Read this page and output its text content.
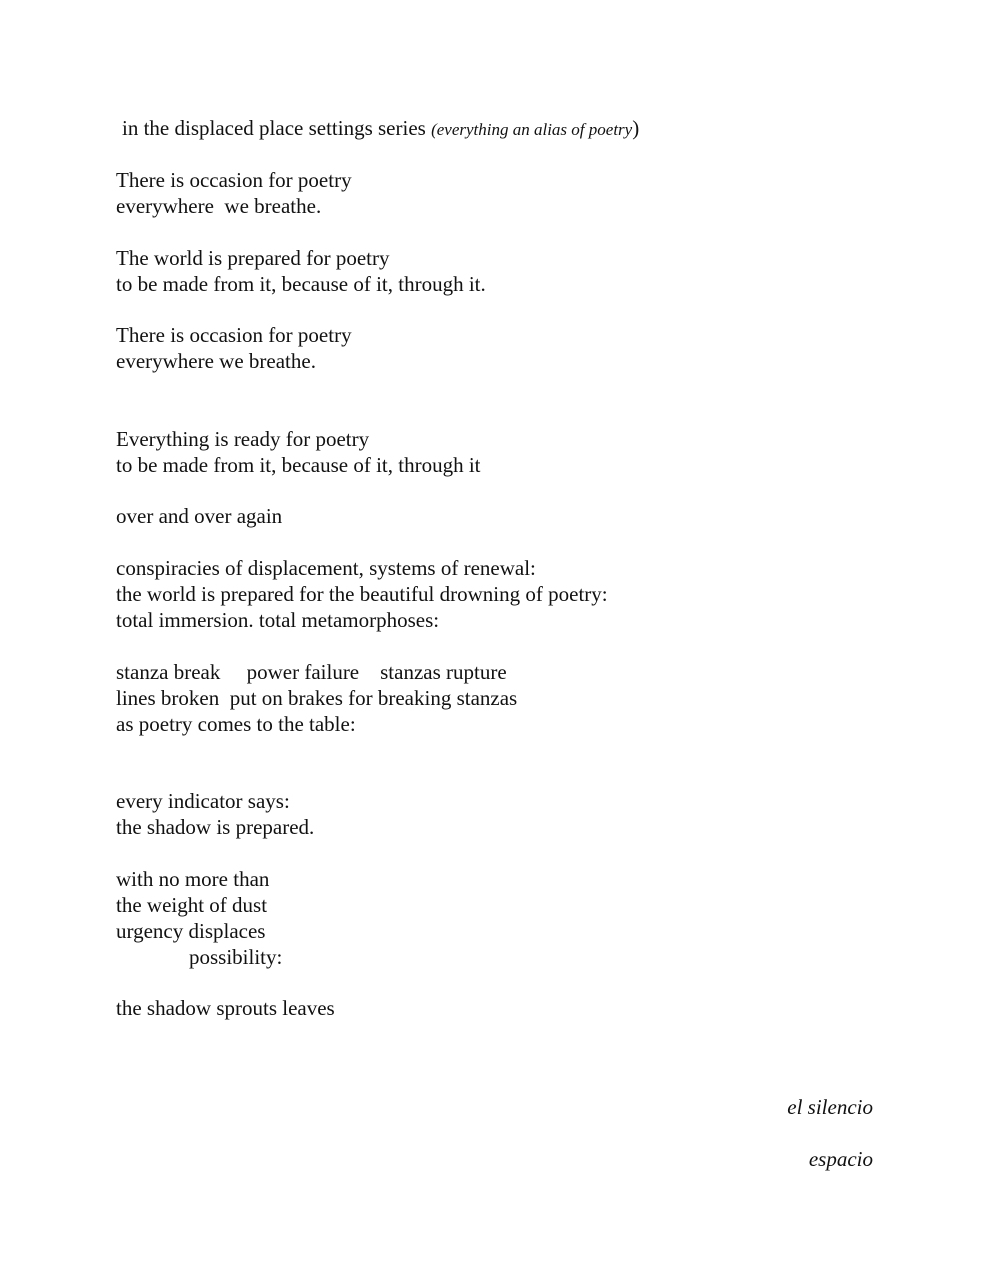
in the displaced place settings series (everything an alias of poetry)

There is occasion for poetry

everywhere  we breathe.

The world is prepared for poetry

to be made from it, because of it, through it.

There is occasion for poetry

everywhere we breathe.

Everything is ready for poetry

to be made from it, because of it, through it

over and over again

conspiracies of displacement, systems of renewal:

the world is prepared for the beautiful drowning of poetry:

total immersion. total metamorphoses:

stanza break     power failure    stanzas rupture

lines broken  put on brakes for breaking stanzas

as poetry comes to the table:

every indicator says:

the shadow is prepared.

with no more than

the weight of dust

urgency displaces

possibility:

the shadow sprouts leaves

el silencio

espacio
